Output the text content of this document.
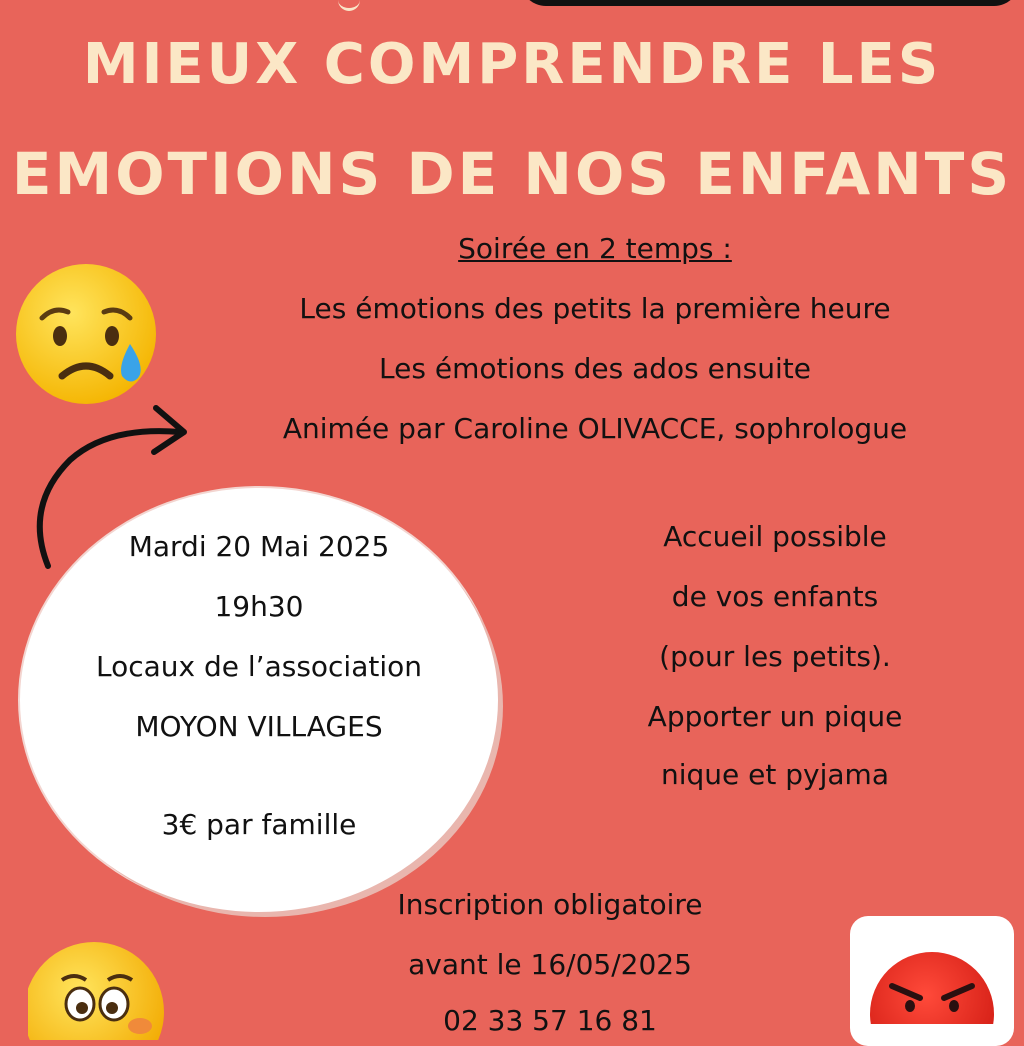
MIEUX COMPRENDRE LES
EMOTIONS DE NOS ENFANTS
Soirée en 2 temps :
Les émotions des petits la première heure
Les émotions des ados ensuite
Animée par Caroline OLIVACCE, sophrologue
Mardi 20 Mai 2025
19h30
Locaux de l’association
MOYON VILLAGES
3€ par famille
Accueil possible
de vos enfants
(pour les petits).
Apporter un pique
nique et pyjama
Inscription obligatoire
avant le 16/05/2025
02 33 57 16 81
